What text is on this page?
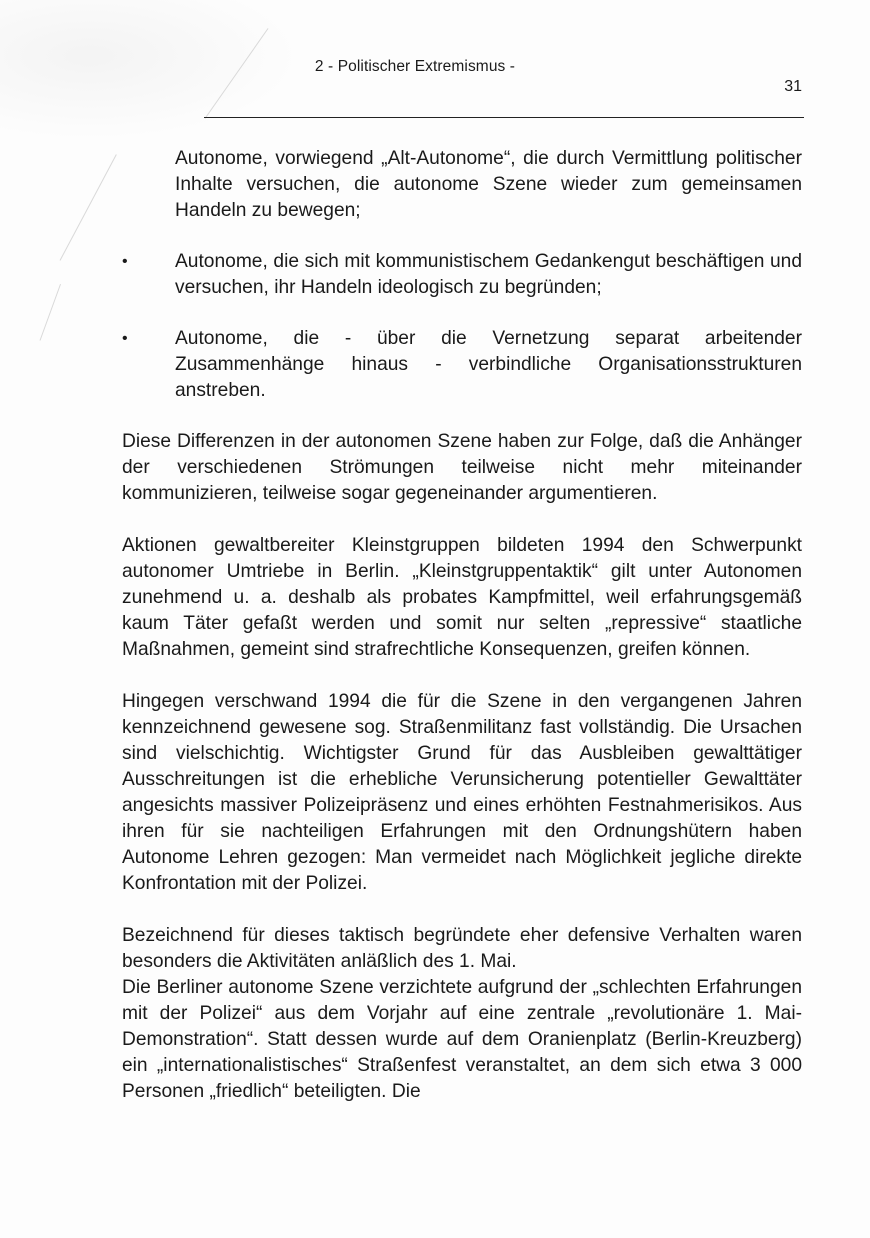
2 - Politischer Extremismus -
31

Autonome, vorwiegend „Alt-Autonome“, die durch Vermittlung politischer Inhalte versuchen, die autonome Szene wieder zum gemeinsamen Handeln zu bewegen;

•	Autonome, die sich mit kommunistischem Gedankengut beschäftigen und versuchen, ihr Handeln ideologisch zu begründen;
•	Autonome, die - über die Vernetzung separat arbeitender Zusammenhänge hinaus - verbindliche Organisationsstrukturen anstreben.

Diese Differenzen in der autonomen Szene haben zur Folge, daß die Anhänger der verschiedenen Strömungen teilweise nicht mehr miteinander kommunizieren, teilweise sogar gegeneinander argumentieren.

Aktionen gewaltbereiter Kleinstgruppen bildeten 1994 den Schwerpunkt autonomer Umtriebe in Berlin. „Kleinstgruppentaktik“ gilt unter Autonomen zunehmend u. a. deshalb als probates Kampfmittel, weil erfahrungsgemäß kaum Täter gefaßt werden und somit nur selten „repressive“ staatliche Maßnahmen, gemeint sind strafrechtliche Konsequenzen, greifen können.

Hingegen verschwand 1994 die für die Szene in den vergangenen Jahren kennzeichnend gewesene sog. Straßenmilitanz fast vollständig. Die Ursachen sind vielschichtig. Wichtigster Grund für das Ausbleiben gewalttätiger Ausschreitungen ist die erhebliche Verunsicherung potentieller Gewalttäter angesichts massiver Polizeipräsenz und eines erhöhten Festnahmerisikos. Aus ihren für sie nachteiligen Erfahrungen mit den Ordnungshütern haben Autonome Lehren gezogen: Man vermeidet nach Möglichkeit jegliche direkte Konfrontation mit der Polizei.

Bezeichnend für dieses taktisch begründete eher defensive Verhalten waren besonders die Aktivitäten anläßlich des 1. Mai.

Die Berliner autonome Szene verzichtete aufgrund der „schlechten Erfahrungen mit der Polizei“ aus dem Vorjahr auf eine zentrale „revolutionäre 1. Mai-Demonstration“. Statt dessen wurde auf dem Oranienplatz (Berlin-Kreuzberg) ein „internationalistisches“ Straßenfest veranstaltet, an dem sich etwa 3 000 Personen „friedlich“ beteiligten. Die
